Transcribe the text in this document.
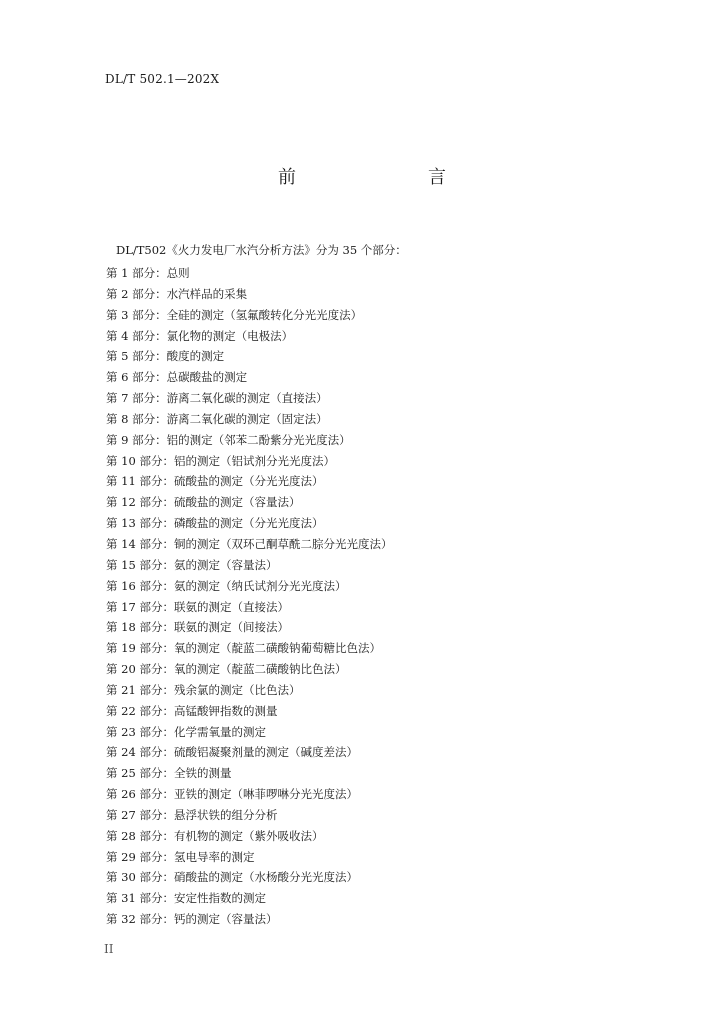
DL/T 502.1—202X
前　　言
DL/T502《火力发电厂水汽分析方法》分为 35 个部分：
第 1 部分：总则
第 2 部分：水汽样品的采集
第 3 部分：全硅的测定（氢氟酸转化分光光度法）
第 4 部分：氯化物的测定（电极法）
第 5 部分：酸度的测定
第 6 部分：总碳酸盐的测定
第 7 部分：游离二氧化碳的测定（直接法）
第 8 部分：游离二氧化碳的测定（固定法）
第 9 部分：铝的测定（邻苯二酚紫分光光度法）
第 10 部分：铝的测定（铝试剂分光光度法）
第 11 部分：硫酸盐的测定（分光光度法）
第 12 部分：硫酸盐的测定（容量法）
第 13 部分：磷酸盐的测定（分光光度法）
第 14 部分：铜的测定（双环己酮草酰二腙分光光度法）
第 15 部分：氨的测定（容量法）
第 16 部分：氨的测定（纳氏试剂分光光度法）
第 17 部分：联氨的测定（直接法）
第 18 部分：联氨的测定（间接法）
第 19 部分：氧的测定（靛蓝二磺酸钠葡萄糖比色法）
第 20 部分：氧的测定（靛蓝二磺酸钠比色法）
第 21 部分：残余氯的测定（比色法）
第 22 部分：高锰酸钾指数的测量
第 23 部分：化学需氧量的测定
第 24 部分：硫酸铝凝聚剂量的测定（碱度差法）
第 25 部分：全铁的测量
第 26 部分：亚铁的测定（啉菲啰啉分光光度法）
第 27 部分：悬浮状铁的组分分析
第 28 部分：有机物的测定（紫外吸收法）
第 29 部分：氢电导率的测定
第 30 部分：硝酸盐的测定（水杨酸分光光度法）
第 31 部分：安定性指数的测定
第 32 部分：钙的测定（容量法）
II
